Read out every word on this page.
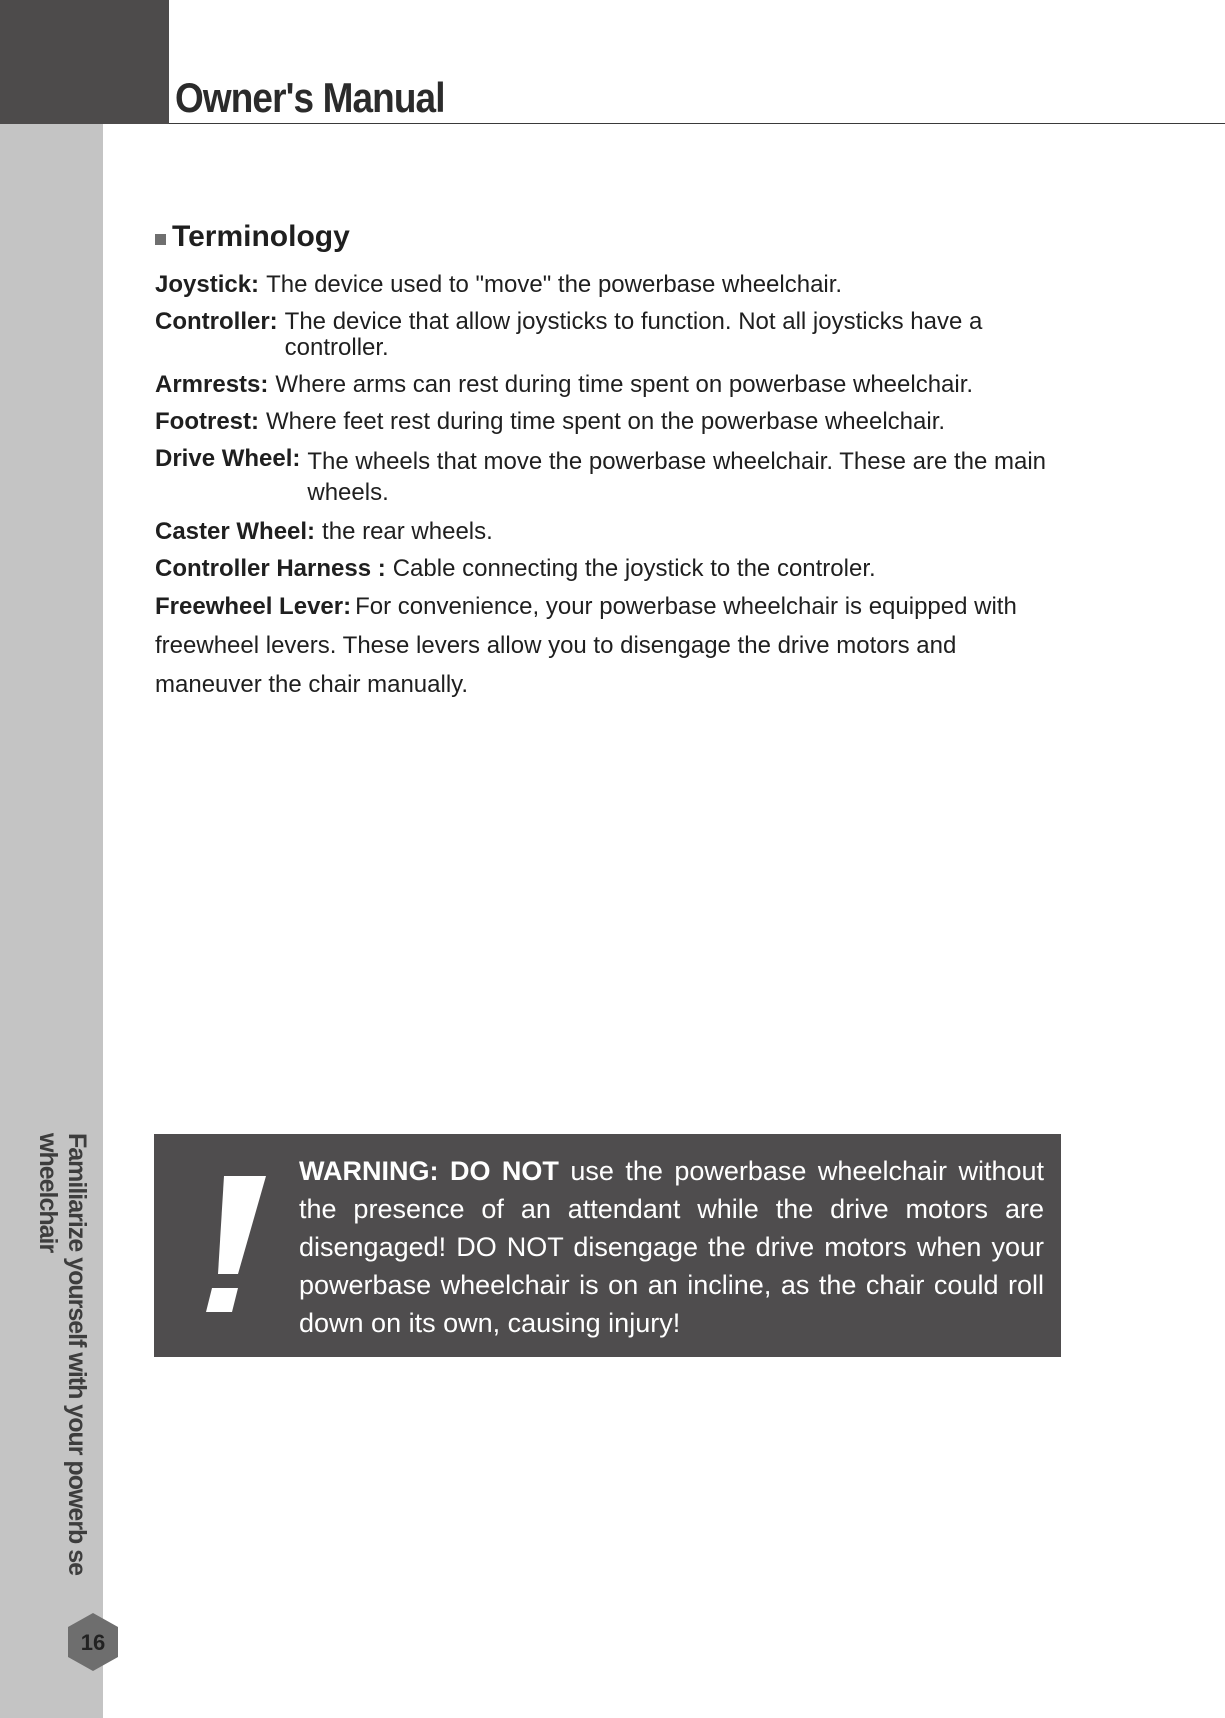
Owner's Manual
Familiarize yourself with your powerb se wheelchair
16
Terminology
Joystick: The device used to "move" the powerbase wheelchair.
Controller: The device that allow joysticks to function. Not all joysticks have a controller.
Armrests: Where arms can rest during time spent on powerbase wheelchair.
Footrest: Where feet rest during time spent on the powerbase wheelchair.
Drive Wheel: The wheels that move the powerbase wheelchair. These are the main wheels.
Caster Wheel: the rear wheels.
Controller Harness : Cable connecting the joystick to the controler.
Freewheel Lever: For convenience, your powerbase wheelchair is equipped with freewheel levers. These levers allow you to disengage the drive motors and maneuver the chair manually.
WARNING: DO NOT use the powerbase wheelchair without the presence of an attendant while the drive motors are disengaged! DO NOT disengage the drive motors when your powerbase wheelchair is on an incline, as the chair could roll down on its own, causing injury!
